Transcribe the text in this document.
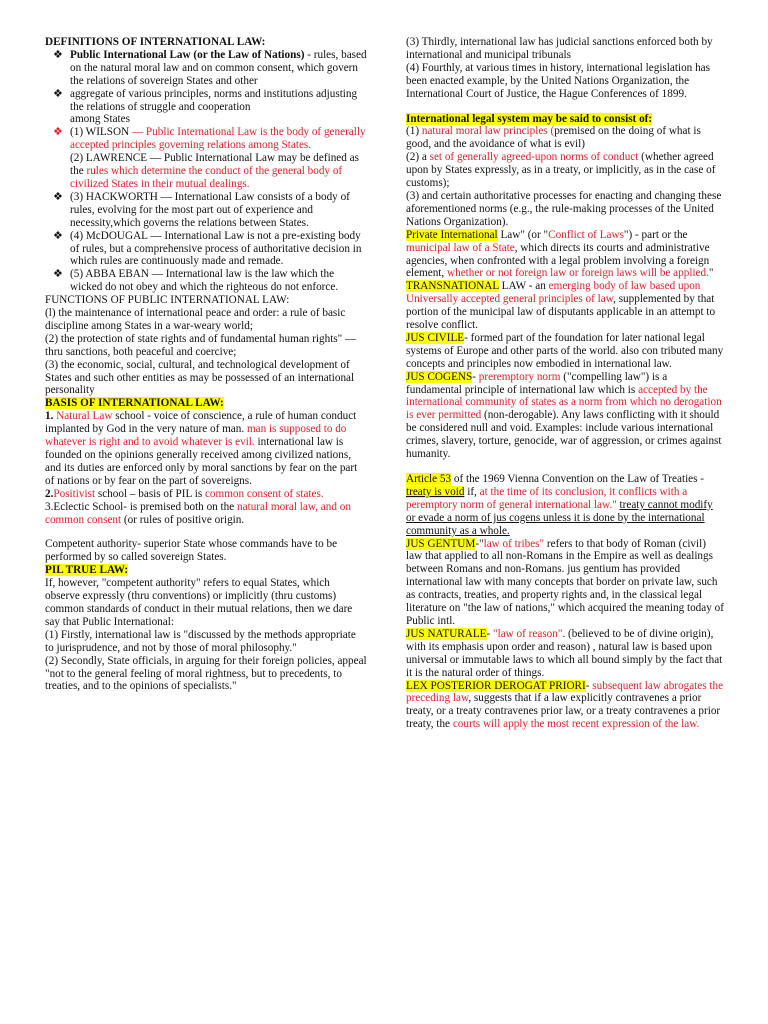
DEFINITIONS OF INTERNATIONAL LAW:

❖ Public International Law (or the Law of Nations) - rules, based on the natural moral law and on common consent, which govern the relations of sovereign States and other
❖ aggregate of various principles, norms and institutions adjusting the relations of struggle and cooperation
among States
❖ (1) WILSON — Public International Law is the body of generally accepted principles governing relations among States.
(2) LAWRENCE — Public International Law may be defined as the rules which determine the conduct of the general body of civilized States in their mutual dealings.
❖ (3) HACKWORTH — International Law consists of a body of rules, evolving for the most part out of experience and necessity,which governs the relations between States.
❖ (4) McDOUGAL — International Law is not a pre-existing body of rules, but a comprehensive process of authoritative decision in which rules are continuously made and remade.
❖ (5) ABBA EBAN — International law is the law which the wicked do not obey and which the righteous do not enforce.

FUNCTIONS OF PUBLIC INTERNATIONAL LAW:

(l) the maintenance of international peace and order: a rule of basic discipline among States in a war-weary world;

(2) the protection of state rights and of fundamental human rights" — thru sanctions, both peaceful and coercive;

(3) the economic, social, cultural, and technological development of States and such other entities as may be possessed of an international personality

BASIS OF INTERNATIONAL LAW:

1. Natural Law school - voice of conscience, a rule of human conduct implanted by God in the very nature of man. man is supposed to do whatever is right and to avoid whatever is evil. international law is founded on the opinions generally received among civilized nations, and its duties are enforced only by moral sanctions by fear on the part of nations or by fear on the part of sovereigns.

2.Positivist school – basis of PIL is common consent of states.

3.Eclectic School- is premised both on the natural moral law, and on common consent (or rules of positive origin.

Competent authority- superior State whose commands have to be performed by so called sovereign States.

PIL TRUE LAW:

If, however, "competent authority" refers to equal States, which observe expressly (thru conventions) or implicitly (thru customs) common standards of conduct in their mutual relations, then we dare say that Public International:

(1) Firstly, international law is "discussed by the methods appropriate to jurisprudence, and not by those of moral philosophy."

(2) Secondly, State officials, in arguing for their foreign policies, appeal "not to the general feeling of moral rightness, but to precedents, to treaties, and to the opinions of specialists."

(3) Thirdly, international law has judicial sanctions enforced both by international and municipal tribunals

(4) Fourthly, at various times in history, international legislation has been enacted example, by the United Nations Organization, the International Court of Justice, the Hague Conferences of 1899.

International legal system may be said to consist of:

(1) natural moral law principles (premised on the doing of what is good, and the avoidance of what is evil)

(2) a set of generally agreed-upon norms of conduct (whether agreed upon by States expressly, as in a treaty, or implicitly, as in the case of customs);

(3) and certain authoritative processes for enacting and changing these aforementioned norms (e.g., the rule-making processes of the United Nations Organization).

Private International Law" (or "Conflict of Laws") - part or the municipal law of a State, which directs its courts and administrative agencies, when confronted with a legal problem involving a foreign element, whether or not foreign law or foreign laws will be applied."

TRANSNATIONAL LAW - an emerging body of law based upon Universally accepted general principles of law, supplemented by that portion of the municipal law of disputants applicable in an attempt to resolve conflict.

JUS CIVILE- formed part of the foundation for later national legal systems of Europe and other parts of the world. also con tributed many concepts and principles now embodied in international law.

JUS COGENS- preremptory norm ("compelling law") is a fundamental principle of international law which is accepted by the international community of states as a norm from which no derogation is ever permitted (non-derogable). Any laws conflicting with it should be considered null and void. Examples: include various international crimes, slavery, torture, genocide, war of aggression, or crimes against humanity.

Article 53 of the 1969 Vienna Convention on the Law of Treaties -treaty is void if, at the time of its conclusion, it conflicts with a peremptory norm of general international law." treaty cannot modify or evade a norm of jus cogens unless it is done by the international community as a whole.

JUS GENTUM-"law of tribes" refers to that body of Roman (civil) law that applied to all non-Romans in the Empire as well as dealings between Romans and non-Romans. jus gentium has provided international law with many concepts that border on private law, such as contracts, treaties, and property rights and, in the classical legal literature on "the law of nations," which acquired the meaning today of Public intl.

JUS NATURALE- "law of reason". (believed to be of divine origin), with its emphasis upon order and reason) , natural law is based upon universal or immutable laws to which all bound simply by the fact that it is the natural order of things.

LEX POSTERIOR DEROGAT PRIORI- subsequent law abrogates the preceding law, suggests that if a law explicitly contravenes a prior treaty, or a treaty contravenes prior law, or a treaty contravenes a prior treaty, the courts will apply the most recent expression of the law.
